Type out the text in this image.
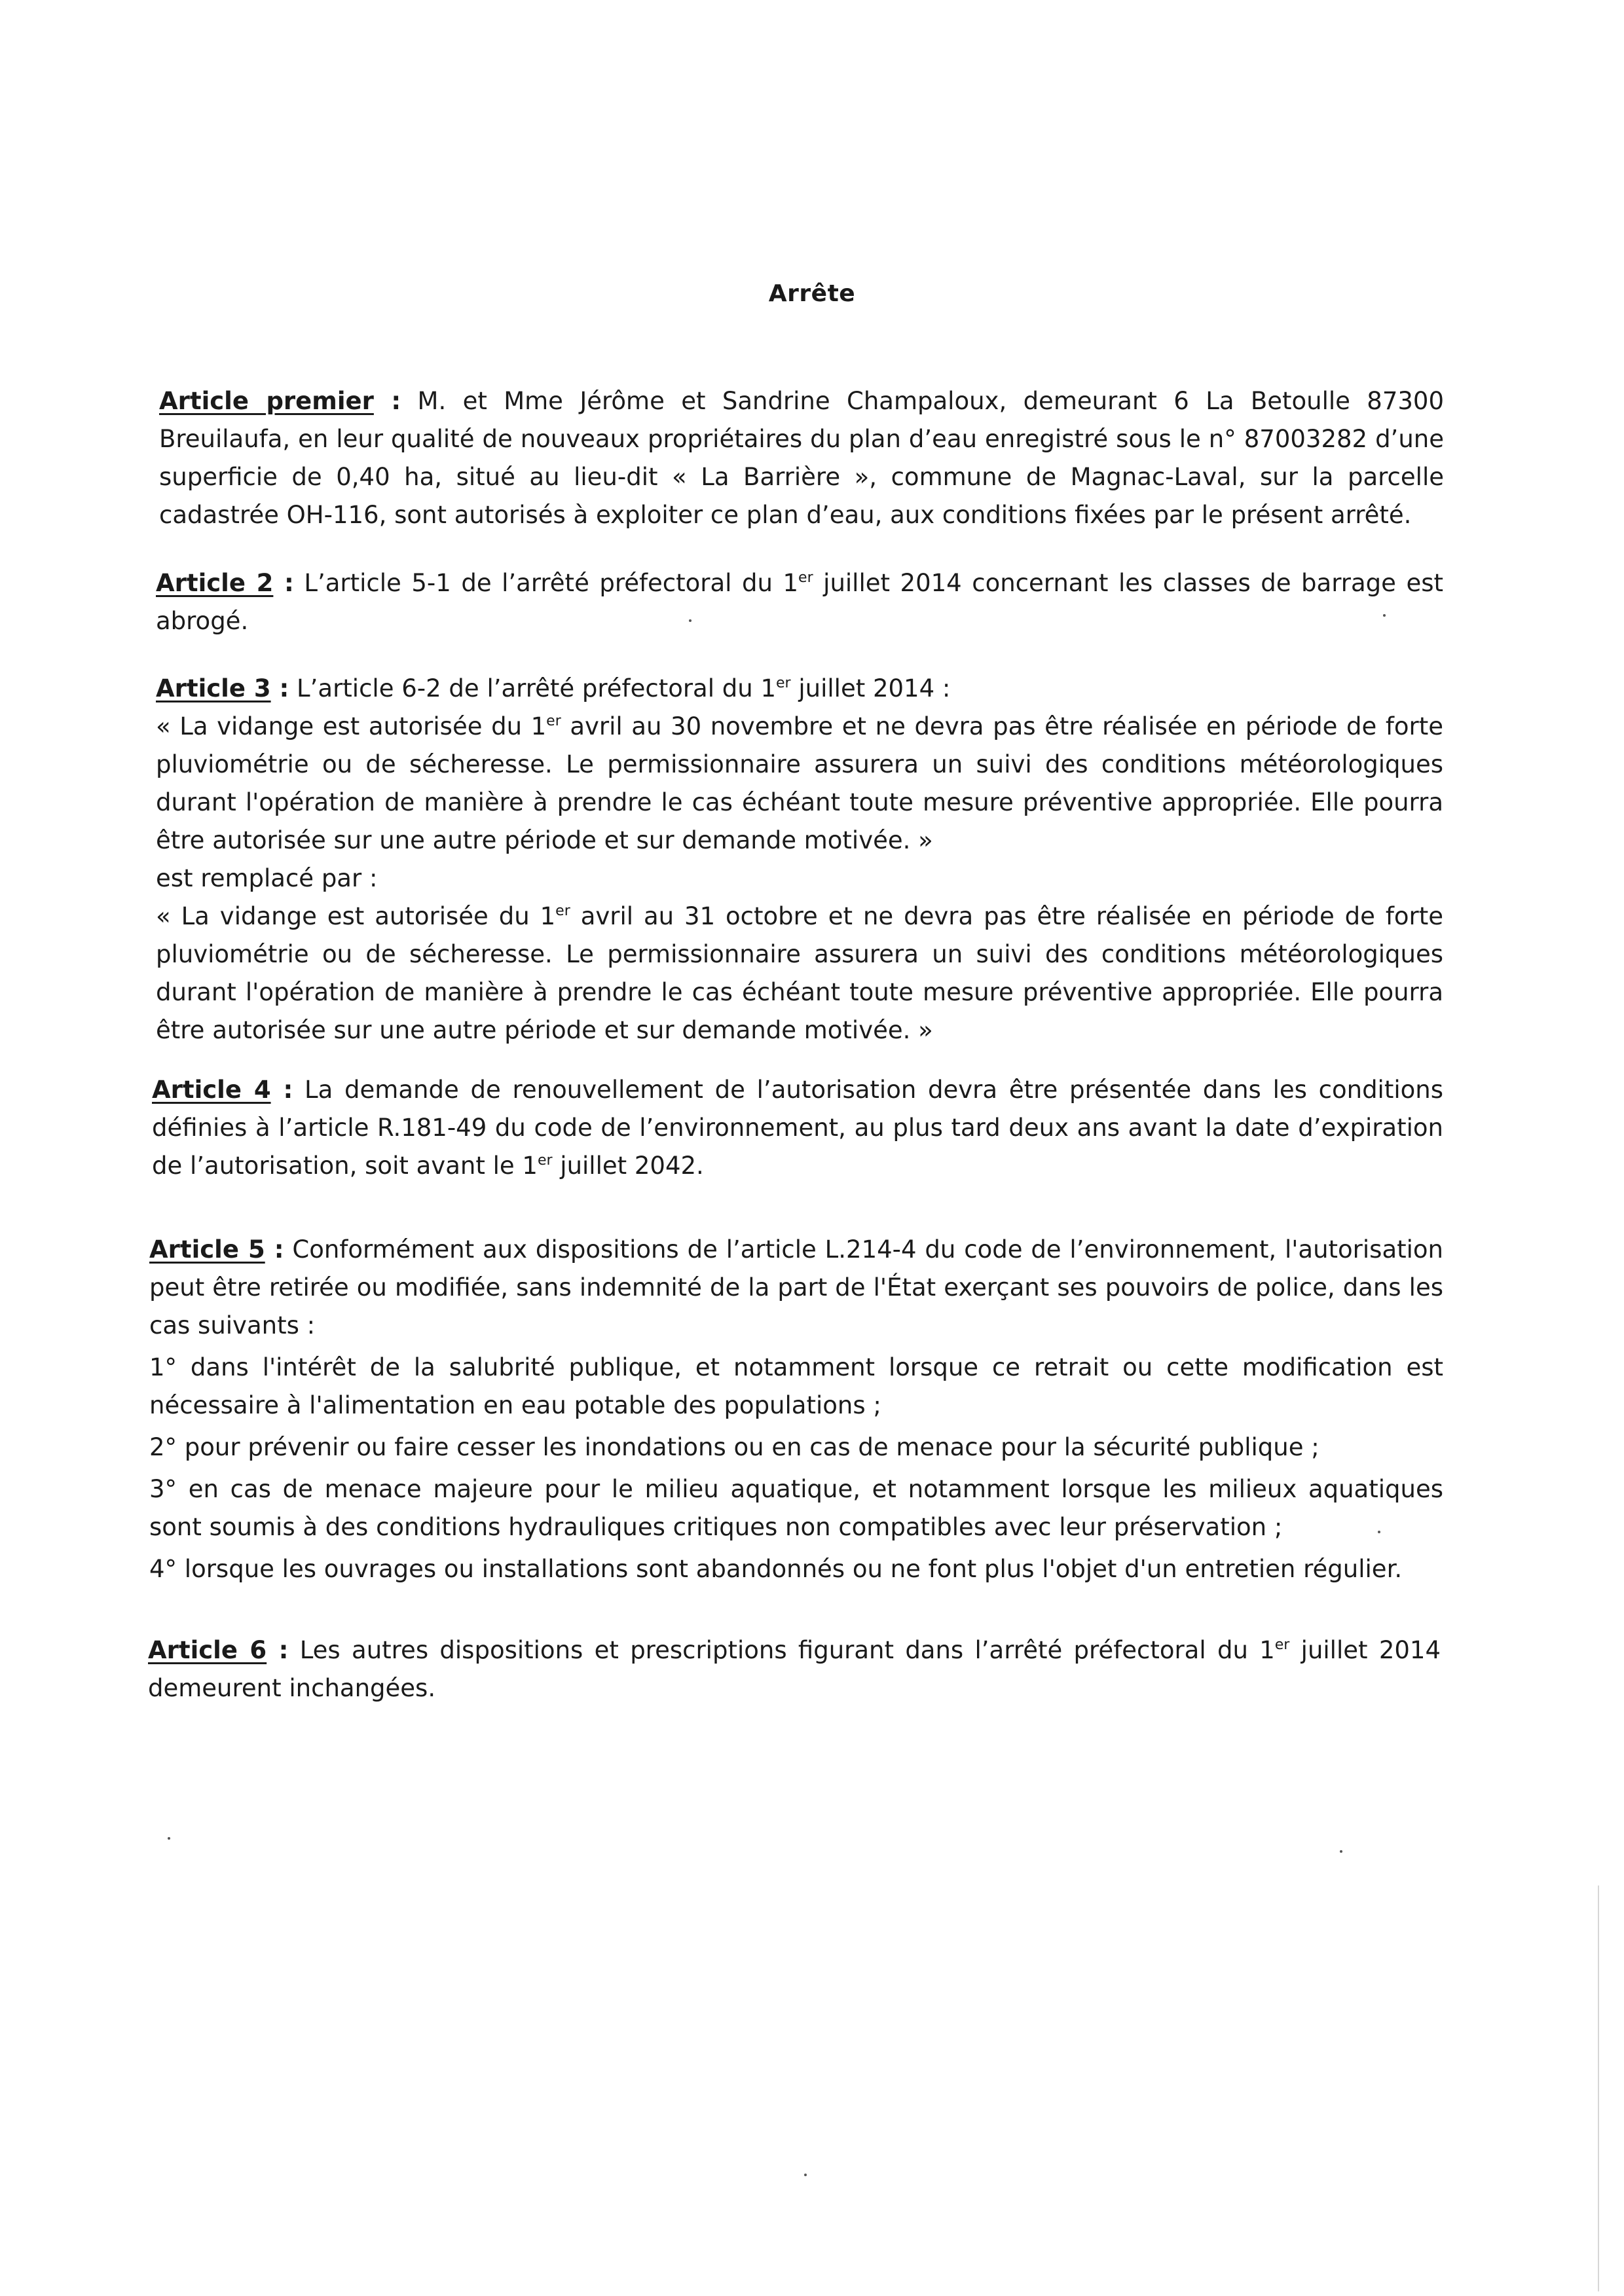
Arrête

Article premier : M. et Mme Jérôme et Sandrine Champaloux, demeurant 6 La Betoulle 87300 Breuilaufa, en leur qualité de nouveaux propriétaires du plan d’eau enregistré sous le n° 87003282 d’une superficie de 0,40 ha, situé au lieu-dit « La Barrière », commune de Magnac-Laval, sur la parcelle cadastrée OH-116, sont autorisés à exploiter ce plan d’eau, aux conditions fixées par le présent arrêté.

Article 2 : L’article 5-1 de l’arrêté préfectoral du 1er juillet 2014 concernant les classes de barrage est abrogé.

Article 3 : L’article 6-2 de l’arrêté préfectoral du 1er juillet 2014 :

« La vidange est autorisée du 1er avril au 30 novembre et ne devra pas être réalisée en période de forte pluviométrie ou de sécheresse. Le permissionnaire assurera un suivi des conditions météorologiques durant l'opération de manière à prendre le cas échéant toute mesure préventive appropriée. Elle pourra être autorisée sur une autre période et sur demande motivée. »

est remplacé par :

« La vidange est autorisée du 1er avril au 31 octobre et ne devra pas être réalisée en période de forte pluviométrie ou de sécheresse. Le permissionnaire assurera un suivi des conditions météorologiques durant l'opération de manière à prendre le cas échéant toute mesure préventive appropriée. Elle pourra être autorisée sur une autre période et sur demande motivée. »

Article 4 : La demande de renouvellement de l’autorisation devra être présentée dans les conditions définies à l’article R.181-49 du code de l’environnement, au plus tard deux ans avant la date d’expiration de l’autorisation, soit avant le 1er juillet 2042.

Article 5 : Conformément aux dispositions de l’article L.214-4 du code de l’environnement, l'autorisation peut être retirée ou modifiée, sans indemnité de la part de l'État exerçant ses pouvoirs de police, dans les cas suivants :

1° dans l'intérêt de la salubrité publique, et notamment lorsque ce retrait ou cette modification est nécessaire à l'alimentation en eau potable des populations ;

2° pour prévenir ou faire cesser les inondations ou en cas de menace pour la sécurité publique ;

3° en cas de menace majeure pour le milieu aquatique, et notamment lorsque les milieux aquatiques sont soumis à des conditions hydrauliques critiques non compatibles avec leur préservation ;

4° lorsque les ouvrages ou installations sont abandonnés ou ne font plus l'objet d'un entretien régulier.

Article 6 : Les autres dispositions et prescriptions figurant dans l’arrêté préfectoral du 1er juillet 2014 demeurent inchangées.
